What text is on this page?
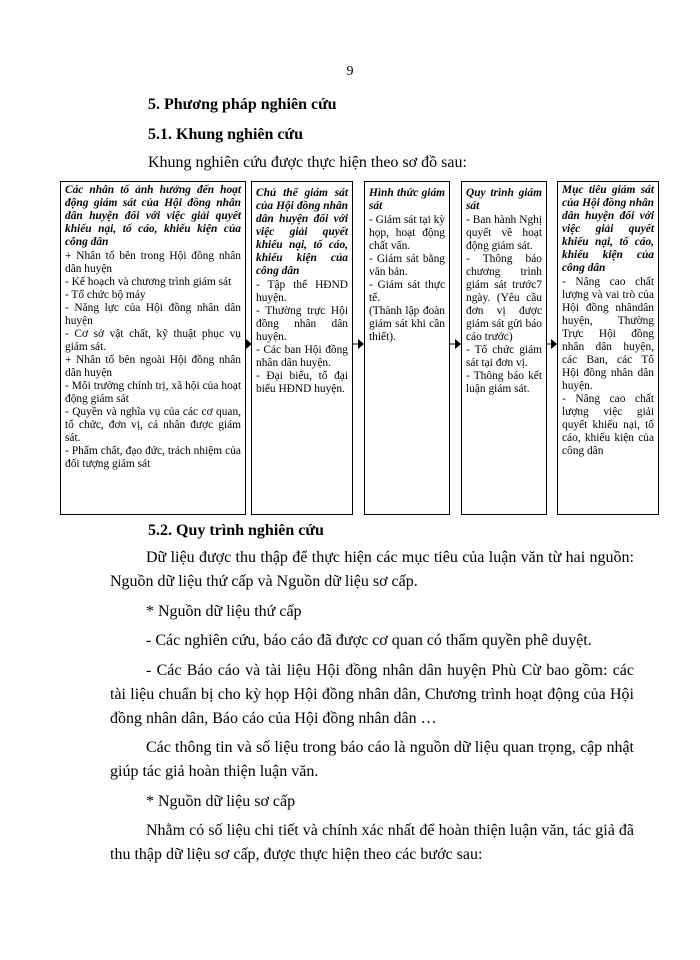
9
5. Phương pháp nghiên cứu
5.1. Khung nghiên cứu
Khung nghiên cứu được thực hiện theo sơ đồ sau:

Các nhân tố ảnh hưởng đến hoạt động giám sát của Hội đồng nhân dân huyện đối với việc giải quyết khiếu nại, tố cáo, khiếu kiện của công dân

+ Nhân tố bên trong Hội đồng nhân dân huyện

- Kế hoạch và chương trình giám sát

- Tổ chức bộ máy

- Năng lực của Hội đồng nhân dân huyện

- Cơ sở vật chất, kỹ thuật phục vụ giám sát.

+ Nhân tố bên ngoài Hội đồng nhân dân huyện

- Môi trường chính trị, xã hội của hoạt động giám sát

- Quyền và nghĩa vụ của các cơ quan, tổ chức, đơn vị, cá nhân được giám sát.

- Phẩm chất, đạo đức, trách nhiệm của đối tượng giám sát

Chủ thể giám sát của Hội đồng nhân dân huyện đối với việc giải quyết khiếu nại, tố cáo, khiếu kiện của công dân

- Tập thể HĐND huyện.

- Thường trực Hội đồng nhân dân huyện.

- Các ban Hội đồng nhân dân huyện.

- Đại biểu, tổ đại biểu HĐND huyện.

Hình thức giám sát

- Giám sát tại kỳ họp, hoạt động chất vấn.

- Giám sát bằng văn bản.

- Giám sát thực tế.

(Thành lập đoàn giám sát khi cần thiết).

Quy trình giám sát

- Ban hành Nghị quyết về hoạt động giám sát.

- Thông báo chương trình giám sát trước7 ngày. (Yêu cầu đơn vị được giám sát gửi báo cáo trước)

- Tổ chức giám sát tại đơn vị.

- Thông báo kết luận giám sát.

Mục tiêu giám sát của Hội đồng nhân dân huyện đối với việc giải quyết khiếu nại, tố cáo, khiếu kiện của công dân

- Nâng cao chất lượng và vai trò của Hội đồng nhândân huyện, Thường Trực Hội đồng nhân dân huyện, các Ban, các Tổ Hội đồng nhân dân huyện.

- Nâng cao chất lượng việc giải quyết khiếu nại, tố cáo, khiếu kiện của công dân

5.2. Quy trình nghiên cứu

Dữ liệu được thu thập để thực hiện các mục tiêu của luận văn từ hai nguồn: Nguồn dữ liệu thứ cấp và Nguồn dữ liệu sơ cấp.

* Nguồn dữ liệu thứ cấp

- Các nghiên cứu, báo cáo đã được cơ quan có thẩm quyền phê duyệt.

- Các Báo cáo và tài liệu Hội đồng nhân dân huyện Phù Cừ bao gồm: các tài liệu chuẩn bị cho kỳ họp Hội đồng nhân dân, Chương trình hoạt động của Hội đồng nhân dân, Báo cáo của Hội đồng nhân dân …

Các thông tin và số liệu trong báo cáo là nguồn dữ liệu quan trọng, cập nhật giúp tác giả hoàn thiện luận văn.

* Nguồn dữ liệu sơ cấp

Nhằm có số liệu chi tiết và chính xác nhất để hoàn thiện luận văn, tác giả đã thu thập dữ liệu sơ cấp, được thực hiện theo các bước sau:
